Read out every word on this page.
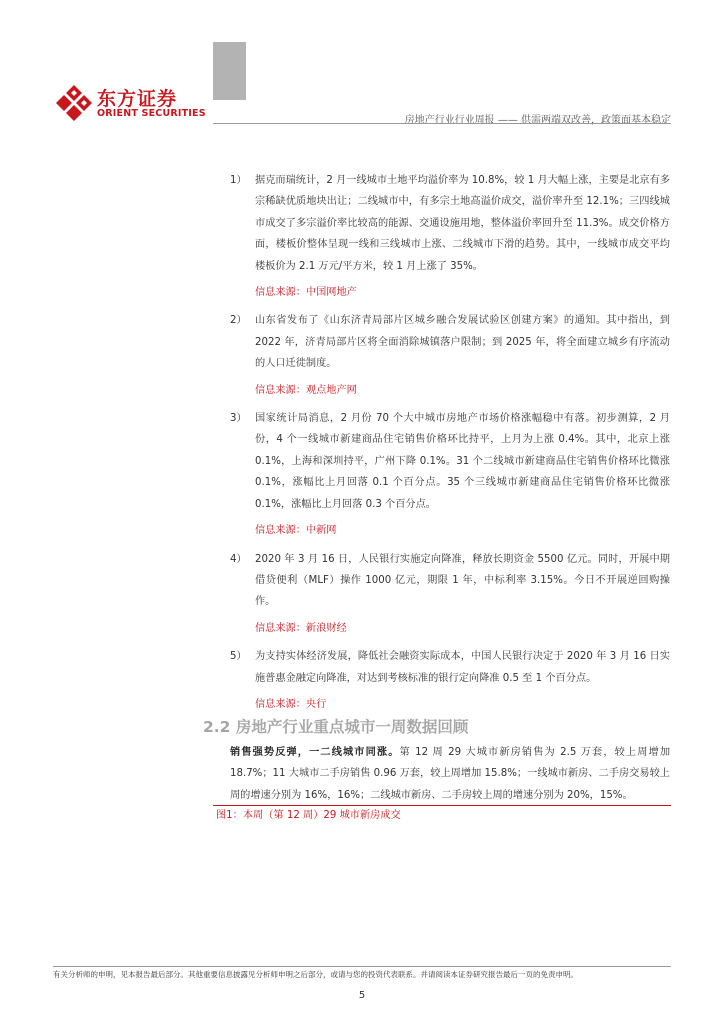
东方证券
ORIENT SECURITIES
房地产行业行业周报 —— 供需两端双改善，政策面基本稳定
1） 据克而瑞统计，2 月一线城市土地平均溢价率为 10.8%，较 1 月大幅上涨，主要是北京有多宗稀缺优质地块出让；二线城市中，有多宗土地高溢价成交，溢价率升至 12.1%；三四线城市成交了多宗溢价率比较高的能源、交通设施用地，整体溢价率回升至 11.3%。成交价格方面，楼板价整体呈现一线和三线城市上涨、二线城市下滑的趋势。其中，一线城市成交平均楼板价为 2.1 万元/平方米，较 1 月上涨了 35%。
信息来源：中国网地产
2） 山东省发布了《山东济青局部片区城乡融合发展试验区创建方案》的通知。其中指出，到 2022 年，济青局部片区将全面消除城镇落户限制；到 2025 年，将全面建立城乡有序流动的人口迁徙制度。
信息来源：观点地产网
3） 国家统计局消息，2 月份 70 个大中城市房地产市场价格涨幅稳中有落。初步测算，2 月份，4 个一线城市新建商品住宅销售价格环比持平，上月为上涨 0.4%。其中，北京上涨 0.1%，上海和深圳持平，广州下降 0.1%。31 个二线城市新建商品住宅销售价格环比微涨 0.1%，涨幅比上月回落 0.1 个百分点。35 个三线城市新建商品住宅销售价格环比微涨 0.1%，涨幅比上月回落 0.3 个百分点。
信息来源：中新网
4） 2020 年 3 月 16 日，人民银行实施定向降准，释放长期资金 5500 亿元。同时，开展中期借贷便利（MLF）操作 1000 亿元，期限 1 年，中标利率 3.15%。今日不开展逆回购操作。
信息来源：新浪财经
5） 为支持实体经济发展，降低社会融资实际成本，中国人民银行决定于 2020 年 3 月 16 日实施普惠金融定向降准，对达到考核标准的银行定向降准 0.5 至 1 个百分点。
信息来源：央行
2.2 房地产行业重点城市一周数据回顾
销售强势反弹，一二线城市同涨。第 12 周 29 大城市新房销售为 2.5 万套，较上周增加 18.7%；11 大城市二手房销售 0.96 万套，较上周增加 15.8%；一线城市新房、二手房交易较上周的增速分别为 16%，16%；二线城市新房、二手房较上周的增速分别为 20%，15%。
图1：本周（第 12 周）29 城市新房成交
有关分析师的申明，见本报告最后部分。其他重要信息披露见分析师申明之后部分，或请与您的投资代表联系。并请阅读本证券研究报告最后一页的免责申明。
5
